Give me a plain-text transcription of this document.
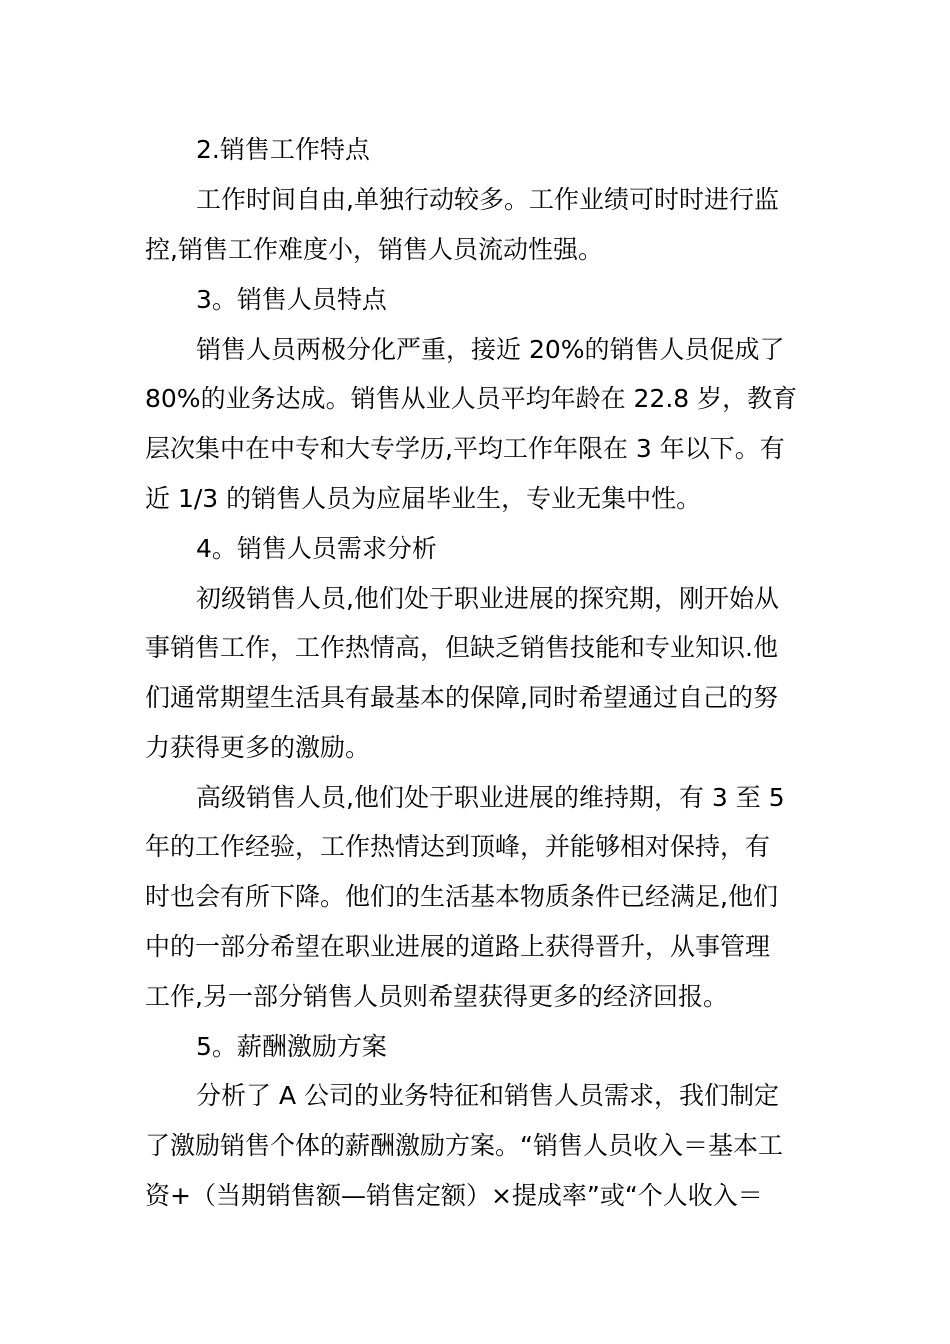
2.销售工作特点
工作时间自由,单独行动较多。工作业绩可时时进行监
控,销售工作难度小，销售人员流动性强。
3。销售人员特点
销售人员两极分化严重，接近 20%的销售人员促成了
80%的业务达成。销售从业人员平均年龄在 22.8 岁，教育
层次集中在中专和大专学历,平均工作年限在 3 年以下。有
近 1/3 的销售人员为应届毕业生，专业无集中性。
4。销售人员需求分析
初级销售人员,他们处于职业进展的探究期，刚开始从
事销售工作，工作热情高，但缺乏销售技能和专业知识.他
们通常期望生活具有最基本的保障,同时希望通过自己的努
力获得更多的激励。
高级销售人员,他们处于职业进展的维持期，有 3 至 5
年的工作经验，工作热情达到顶峰，并能够相对保持，有
时也会有所下降。他们的生活基本物质条件已经满足,他们
中的一部分希望在职业进展的道路上获得晋升，从事管理
工作,另一部分销售人员则希望获得更多的经济回报。
5。薪酬激励方案
分析了 A 公司的业务特征和销售人员需求，我们制定
了激励销售个体的薪酬激励方案。“销售人员收入＝基本工
资+（当期销售额—销售定额）×提成率”或“个人收入＝
